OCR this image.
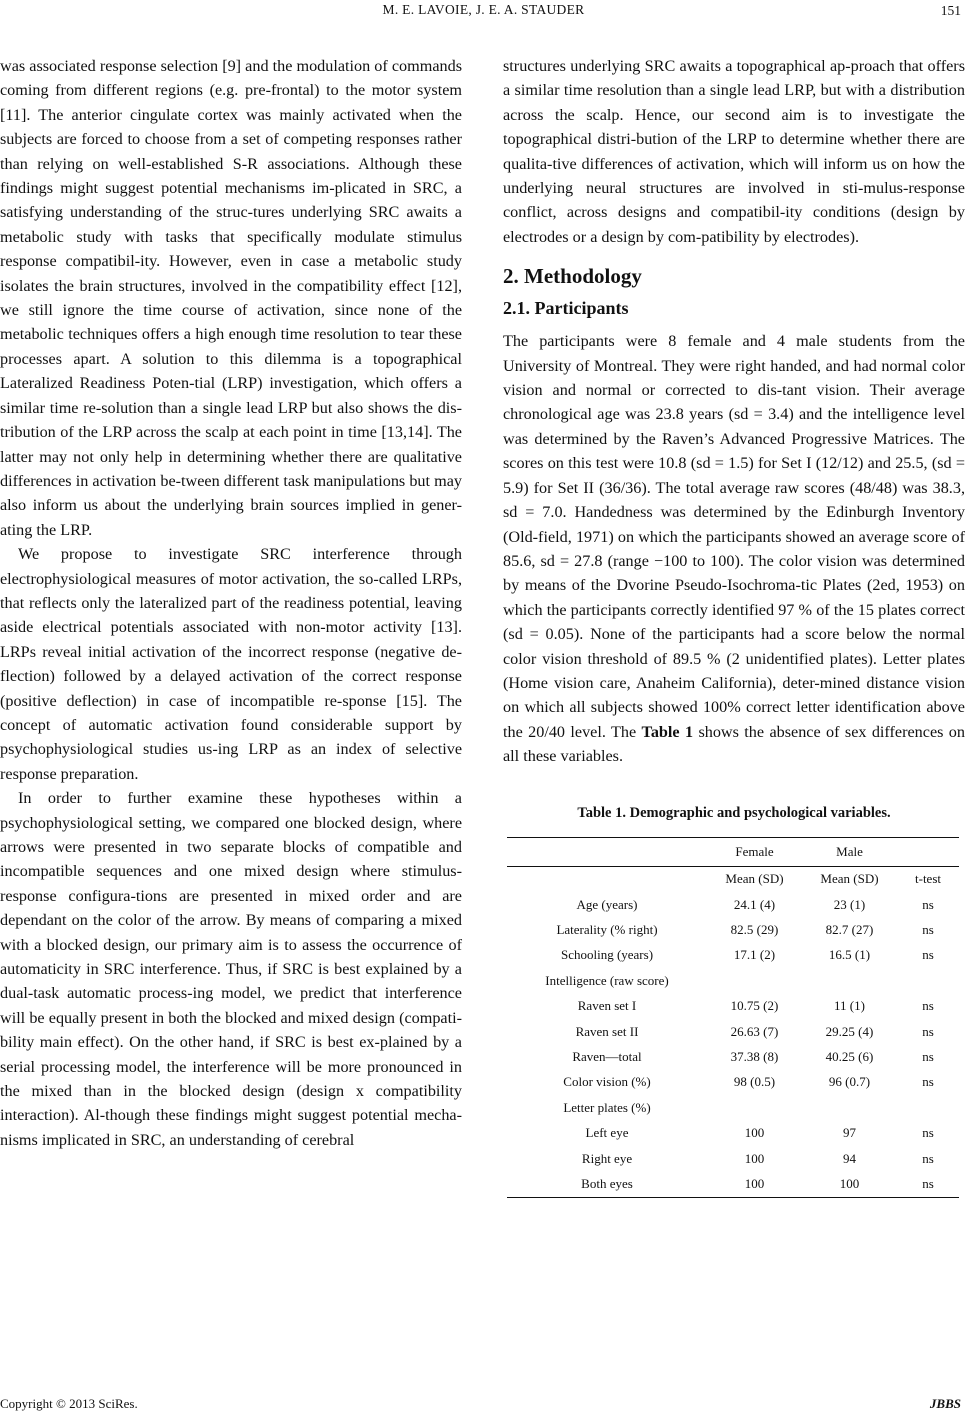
M. E. LAVOIE, J. E. A. STAUDER	151

was associated response selection [9] and the modulation of commands coming from different regions (e.g. pre-frontal) to the motor system [11]. The anterior cingulate cortex was mainly activated when the subjects are forced to choose from a set of competing responses rather than relying on well-established S-R associations. Although these findings might suggest potential mechanisms im-plicated in SRC, a satisfying understanding of the struc-tures underlying SRC awaits a metabolic study with tasks that specifically modulate stimulus response compatibil-ity. However, even in case a metabolic study isolates the brain structures, involved in the compatibility effect [12], we still ignore the time course of activation, since none of the metabolic techniques offers a high enough time resolution to tear these processes apart. A solution to this dilemma is a topographical Lateralized Readiness Poten-tial (LRP) investigation, which offers a similar time re-solution than a single lead LRP but also shows the dis-tribution of the LRP across the scalp at each point in time [13,14]. The latter may not only help in determining whether there are qualitative differences in activation be-tween different task manipulations but may also inform us about the underlying brain sources implied in gener-ating the LRP.

We propose to investigate SRC interference through electrophysiological measures of motor activation, the so-called LRPs, that reflects only the lateralized part of the readiness potential, leaving aside electrical potentials associated with non-motor activity [13]. LRPs reveal initial activation of the incorrect response (negative de-flection) followed by a delayed activation of the correct response (positive deflection) in case of incompatible re-sponse [15]. The concept of automatic activation found considerable support by psychophysiological studies us-ing LRP as an index of selective response preparation.

In order to further examine these hypotheses within a psychophysiological setting, we compared one blocked design, where arrows were presented in two separate blocks of compatible and incompatible sequences and one mixed design where stimulus-response configura-tions are presented in mixed order and are dependant on the color of the arrow. By means of comparing a mixed with a blocked design, our primary aim is to assess the occurrence of automaticity in SRC interference. Thus, if SRC is best explained by a dual-task automatic process-ing model, we predict that interference will be equally present in both the blocked and mixed design (compati-bility main effect). On the other hand, if SRC is best ex-plained by a serial processing model, the interference will be more pronounced in the mixed than in the blocked design (design x compatibility interaction). Al-though these findings might suggest potential mecha-nisms implicated in SRC, an understanding of cerebral

structures underlying SRC awaits a topographical ap-proach that offers a similar time resolution than a single lead LRP, but with a distribution across the scalp. Hence, our second aim is to investigate the topographical distri-bution of the LRP to determine whether there are qualita-tive differences of activation, which will inform us on how the underlying neural structures are involved in sti-mulus-response conflict, across designs and compatibil-ity conditions (design by electrodes or a design by com-patibility by electrodes).

2. Methodology
2.1. Participants

The participants were 8 female and 4 male students from the University of Montreal. They were right handed, and had normal color vision and normal or corrected to dis-tant vision. Their average chronological age was 23.8 years (sd = 3.4) and the intelligence level was determined by the Raven’s Advanced Progressive Matrices. The scores on this test were 10.8 (sd = 1.5) for Set I (12/12) and 25.5, (sd = 5.9) for Set II (36/36). The total average raw scores (48/48) was 38.3, sd = 7.0. Handedness was determined by the Edinburgh Inventory (Old-field, 1971) on which the participants showed an average score of 85.6, sd = 27.8 (range −100 to 100). The color vision was determined by means of the Dvorine Pseudo-Isochroma-tic Plates (2ed, 1953) on which the participants correctly identified 97 % of the 15 plates correct (sd = 0.05). None of the participants had a score below the normal color vision threshold of 89.5 % (2 unidentified plates). Letter plates (Home vision care, Anaheim California), deter-mined distance vision on which all subjects showed 100% correct letter identification above the 20/40 level. The Table 1 shows the absence of sex differences on all these variables.

Table 1. Demographic and psychological variables.
	Female	Male	
	Mean (SD)	Mean (SD)	t-test
Age (years)	24.1 (4)	23 (1)	ns
Laterality (% right)	82.5 (29)	82.7 (27)	ns
Schooling (years)	17.1 (2)	16.5 (1)	ns
Intelligence (raw score)			
Raven set I	10.75 (2)	11 (1)	ns
Raven set II	26.63 (7)	29.25 (4)	ns
Raven—total	37.38 (8)	40.25 (6)	ns
Color vision (%)	98 (0.5)	96 (0.7)	ns
Letter plates (%)			
Left eye	100	97	ns
Right eye	100	94	ns
Both eyes	100	100	ns
Copyright © 2013 SciRes.	JBBS
